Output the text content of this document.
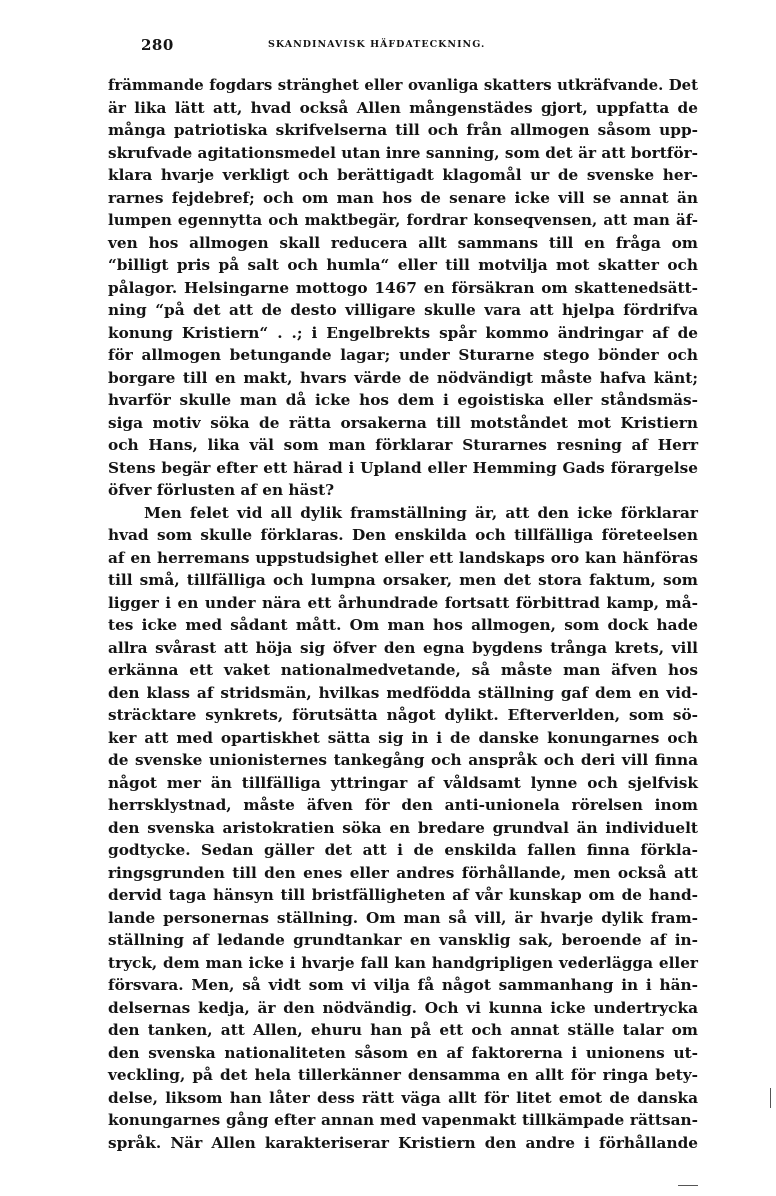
280	SKANDINAVISK HÄFDATECKNING.
främmande fogdars stränghet eller ovanliga skatters utkräfvande. Det
är lika lätt att, hvad också Allen mångenstädes gjort, uppfatta de
många patriotiska skrifvelserna till och från allmogen såsom upp-
skrufvade agitationsmedel utan inre sanning, som det är att bortför-
klara hvarje verkligt och berättigadt klagomål ur de svenske her-
rarnes fejdebref; och om man hos de senare icke vill se annat än
lumpen egennytta och maktbegär, fordrar konseqvensen, att man äf-
ven hos allmogen skall reducera allt sammans till en fråga om
“billigt pris på salt och humla“ eller till motvilja mot skatter och
pålagor. Helsingarne mottogo 1467 en försäkran om skattenedsätt-
ning “på det att de desto villigare skulle vara att hjelpa fördrifva
konung Kristiern“ . .; i Engelbrekts spår kommo ändringar af de
för allmogen betungande lagar; under Sturarne stego bönder och
borgare till en makt, hvars värde de nödvändigt måste hafva känt;
hvarför skulle man då icke hos dem i egoistiska eller ståndsmäs-
siga motiv söka de rätta orsakerna till motståndet mot Kristiern
och Hans, lika väl som man förklarar Sturarnes resning af Herr
Stens begär efter ett härad i Upland eller Hemming Gads förargelse
öfver förlusten af en häst?
Men felet vid all dylik framställning är, att den icke förklarar
hvad som skulle förklaras. Den enskilda och tillfälliga företeelsen
af en herremans uppstudsighet eller ett landskaps oro kan hänföras
till små, tillfälliga och lumpna orsaker, men det stora faktum, som
ligger i en under nära ett århundrade fortsatt förbittrad kamp, må-
tes icke med sådant mått. Om man hos allmogen, som dock hade
allra svårast att höja sig öfver den egna bygdens trånga krets, vill
erkänna ett vaket nationalmedvetande, så måste man äfven hos
den klass af stridsmän, hvilkas medfödda ställning gaf dem en vid-
sträcktare synkrets, förutsätta något dylikt. Efterverlden, som sö-
ker att med opartiskhet sätta sig in i de danske konungarnes och
de svenske unionisternes tankegång och anspråk och deri vill finna
något mer än tillfälliga yttringar af våldsamt lynne och sjelfvisk
herrsklystnad, måste äfven för den anti-unionela rörelsen inom
den svenska aristokratien söka en bredare grundval än individuelt
godtycke. Sedan gäller det att i de enskilda fallen finna förkla-
ringsgrunden till den enes eller andres förhållande, men också att
dervid taga hänsyn till bristfälligheten af vår kunskap om de hand-
lande personernas ställning. Om man så vill, är hvarje dylik fram-
ställning af ledande grundtankar en vansklig sak, beroende af in-
tryck, dem man icke i hvarje fall kan handgripligen vederlägga eller
försvara. Men, så vidt som vi vilja få något sammanhang in i hän-
delsernas kedja, är den nödvändig. Och vi kunna icke undertrycka
den tanken, att Allen, ehuru han på ett och annat ställe talar om
den svenska nationaliteten såsom en af faktorerna i unionens ut-
veckling, på det hela tillerkänner densamma en allt för ringa bety-
delse, liksom han låter dess rätt väga allt för litet emot de danska
konungarnes gång efter annan med vapenmakt tillkämpade rättsan-
språk. När Allen karakteriserar Kristiern den andre i förhållande
